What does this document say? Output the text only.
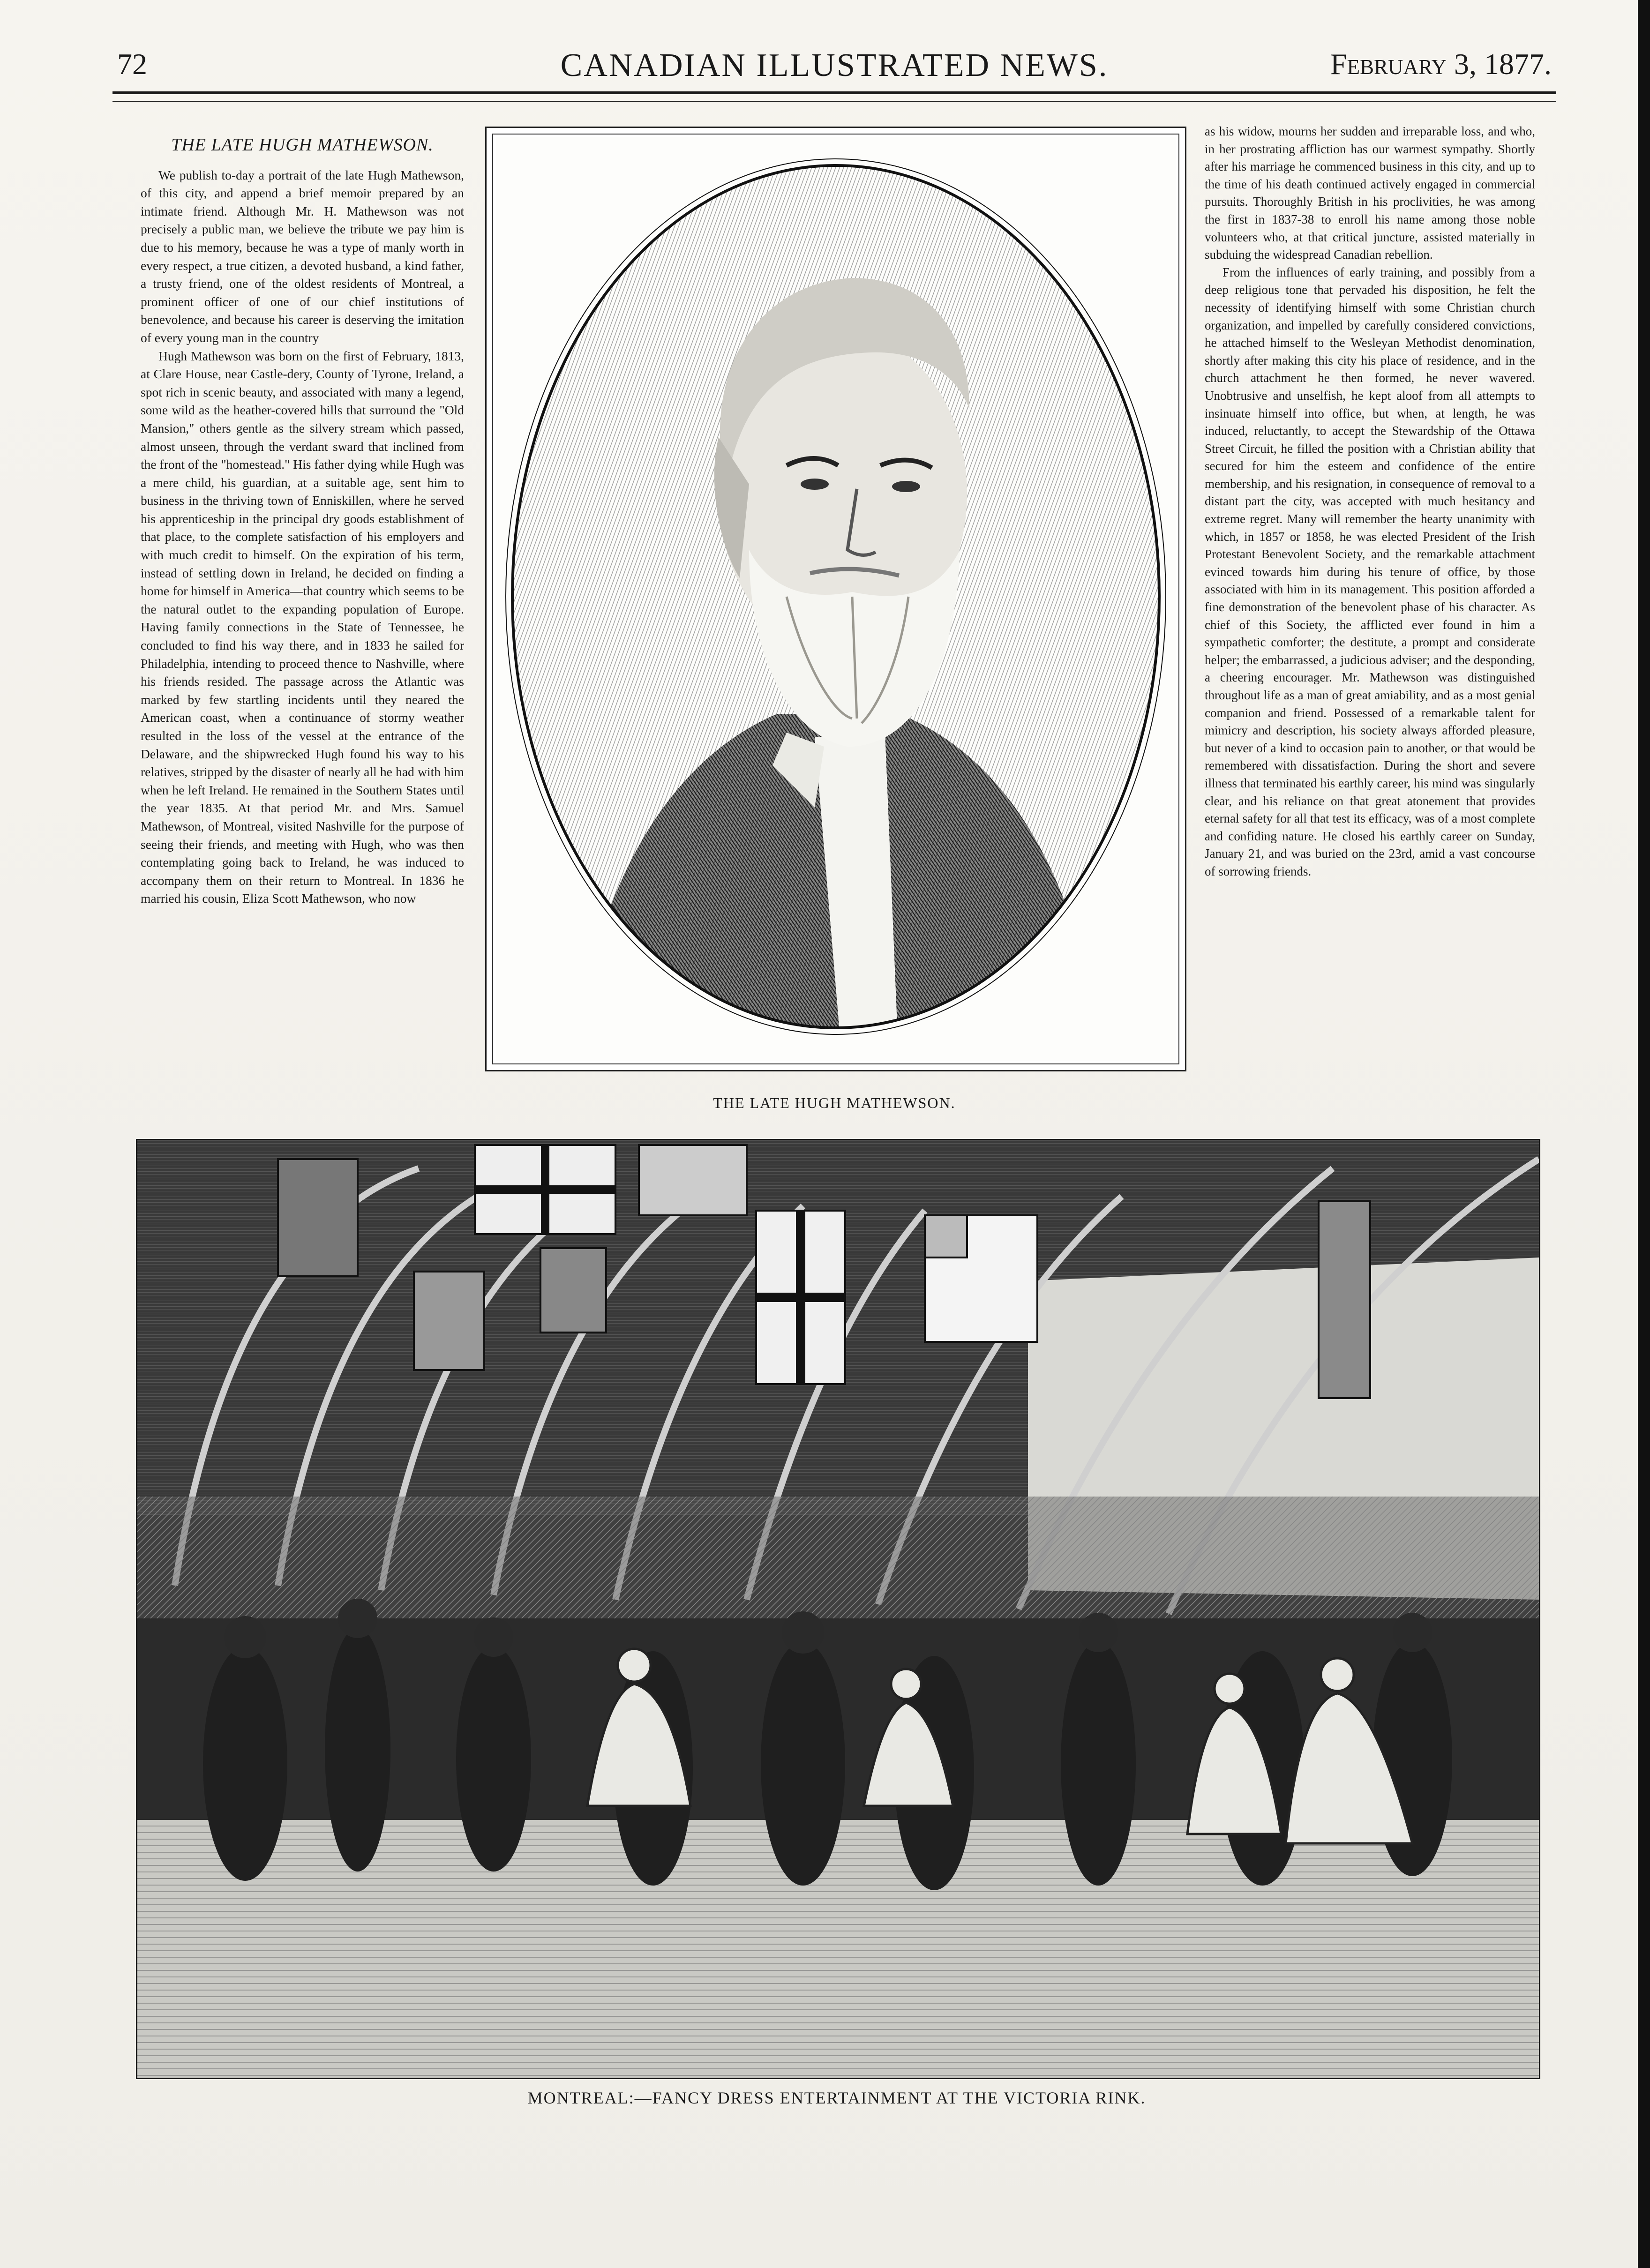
72	CANADIAN ILLUSTRATED NEWS.	February 3, 1877.
THE LATE HUGH MATHEWSON.

We publish to-day a portrait of the late Hugh Mathewson, of this city, and append a brief memoir prepared by an intimate friend. Although Mr. H. Mathewson was not precisely a public man, we believe the tribute we pay him is due to his memory, because he was a type of manly worth in every respect, a true citizen, a devoted husband, a kind father, a trusty friend, one of the oldest residents of Montreal, a prominent officer of one of our chief institutions of benevolence, and because his career is deserving the imitation of every young man in the country

Hugh Mathewson was born on the first of February, 1813, at Clare House, near Castle-dery, County of Tyrone, Ireland, a spot rich in scenic beauty, and associated with many a legend, some wild as the heather-covered hills that surround the "Old Mansion," others gentle as the silvery stream which passed, almost unseen, through the verdant sward that inclined from the front of the "homestead." His father dying while Hugh was a mere child, his guardian, at a suitable age, sent him to business in the thriving town of Enniskillen, where he served his apprenticeship in the principal dry goods establishment of that place, to the complete satisfaction of his employers and with much credit to himself. On the expiration of his term, instead of settling down in Ireland, he decided on finding a home for himself in America—that country which seems to be the natural outlet to the expanding population of Europe. Having family connections in the State of Tennessee, he concluded to find his way there, and in 1833 he sailed for Philadelphia, intending to proceed thence to Nashville, where his friends resided. The passage across the Atlantic was marked by few startling incidents until they neared the American coast, when a continuance of stormy weather resulted in the loss of the vessel at the entrance of the Delaware, and the shipwrecked Hugh found his way to his relatives, stripped by the disaster of nearly all he had with him when he left Ireland. He remained in the Southern States until the year 1835. At that period Mr. and Mrs. Samuel Mathewson, of Montreal, visited Nashville for the purpose of seeing their friends, and meeting with Hugh, who was then contemplating going back to Ireland, he was induced to accompany them on their return to Montreal. In 1836 he married his cousin, Eliza Scott Mathewson, who now

THE LATE HUGH MATHEWSON.

as his widow, mourns her sudden and irreparable loss, and who, in her prostrating affliction has our warmest sympathy. Shortly after his marriage he commenced business in this city, and up to the time of his death continued actively engaged in commercial pursuits. Thoroughly British in his proclivities, he was among the first in 1837-38 to enroll his name among those noble volunteers who, at that critical juncture, assisted materially in subduing the widespread Canadian rebellion.

From the influences of early training, and possibly from a deep religious tone that pervaded his disposition, he felt the necessity of identifying himself with some Christian church organization, and impelled by carefully considered convictions, he attached himself to the Wesleyan Methodist denomination, shortly after making this city his place of residence, and in the church attachment he then formed, he never wavered. Unobtrusive and unselfish, he kept aloof from all attempts to insinuate himself into office, but when, at length, he was induced, reluctantly, to accept the Stewardship of the Ottawa Street Circuit, he filled the position with a Christian ability that secured for him the esteem and confidence of the entire membership, and his resignation, in consequence of removal to a distant part the city, was accepted with much hesitancy and extreme regret. Many will remember the hearty unanimity with which, in 1857 or 1858, he was elected President of the Irish Protestant Benevolent Society, and the remarkable attachment evinced towards him during his tenure of office, by those associated with him in its management. This position afforded a fine demonstration of the benevolent phase of his character. As chief of this Society, the afflicted ever found in him a sympathetic comforter; the destitute, a prompt and considerate helper; the embarrassed, a judicious adviser; and the desponding, a cheering encourager. Mr. Mathewson was distinguished throughout life as a man of great amiability, and as a most genial companion and friend. Possessed of a remarkable talent for mimicry and description, his society always afforded pleasure, but never of a kind to occasion pain to another, or that would be remembered with dissatisfaction. During the short and severe illness that terminated his earthly career, his mind was singularly clear, and his reliance on that great atonement that provides eternal safety for all that test its efficacy, was of a most complete and confiding nature. He closed his earthly career on Sunday, January 21, and was buried on the 23rd, amid a vast concourse of sorrowing friends.

MONTREAL:—FANCY DRESS ENTERTAINMENT AT THE VICTORIA RINK.
